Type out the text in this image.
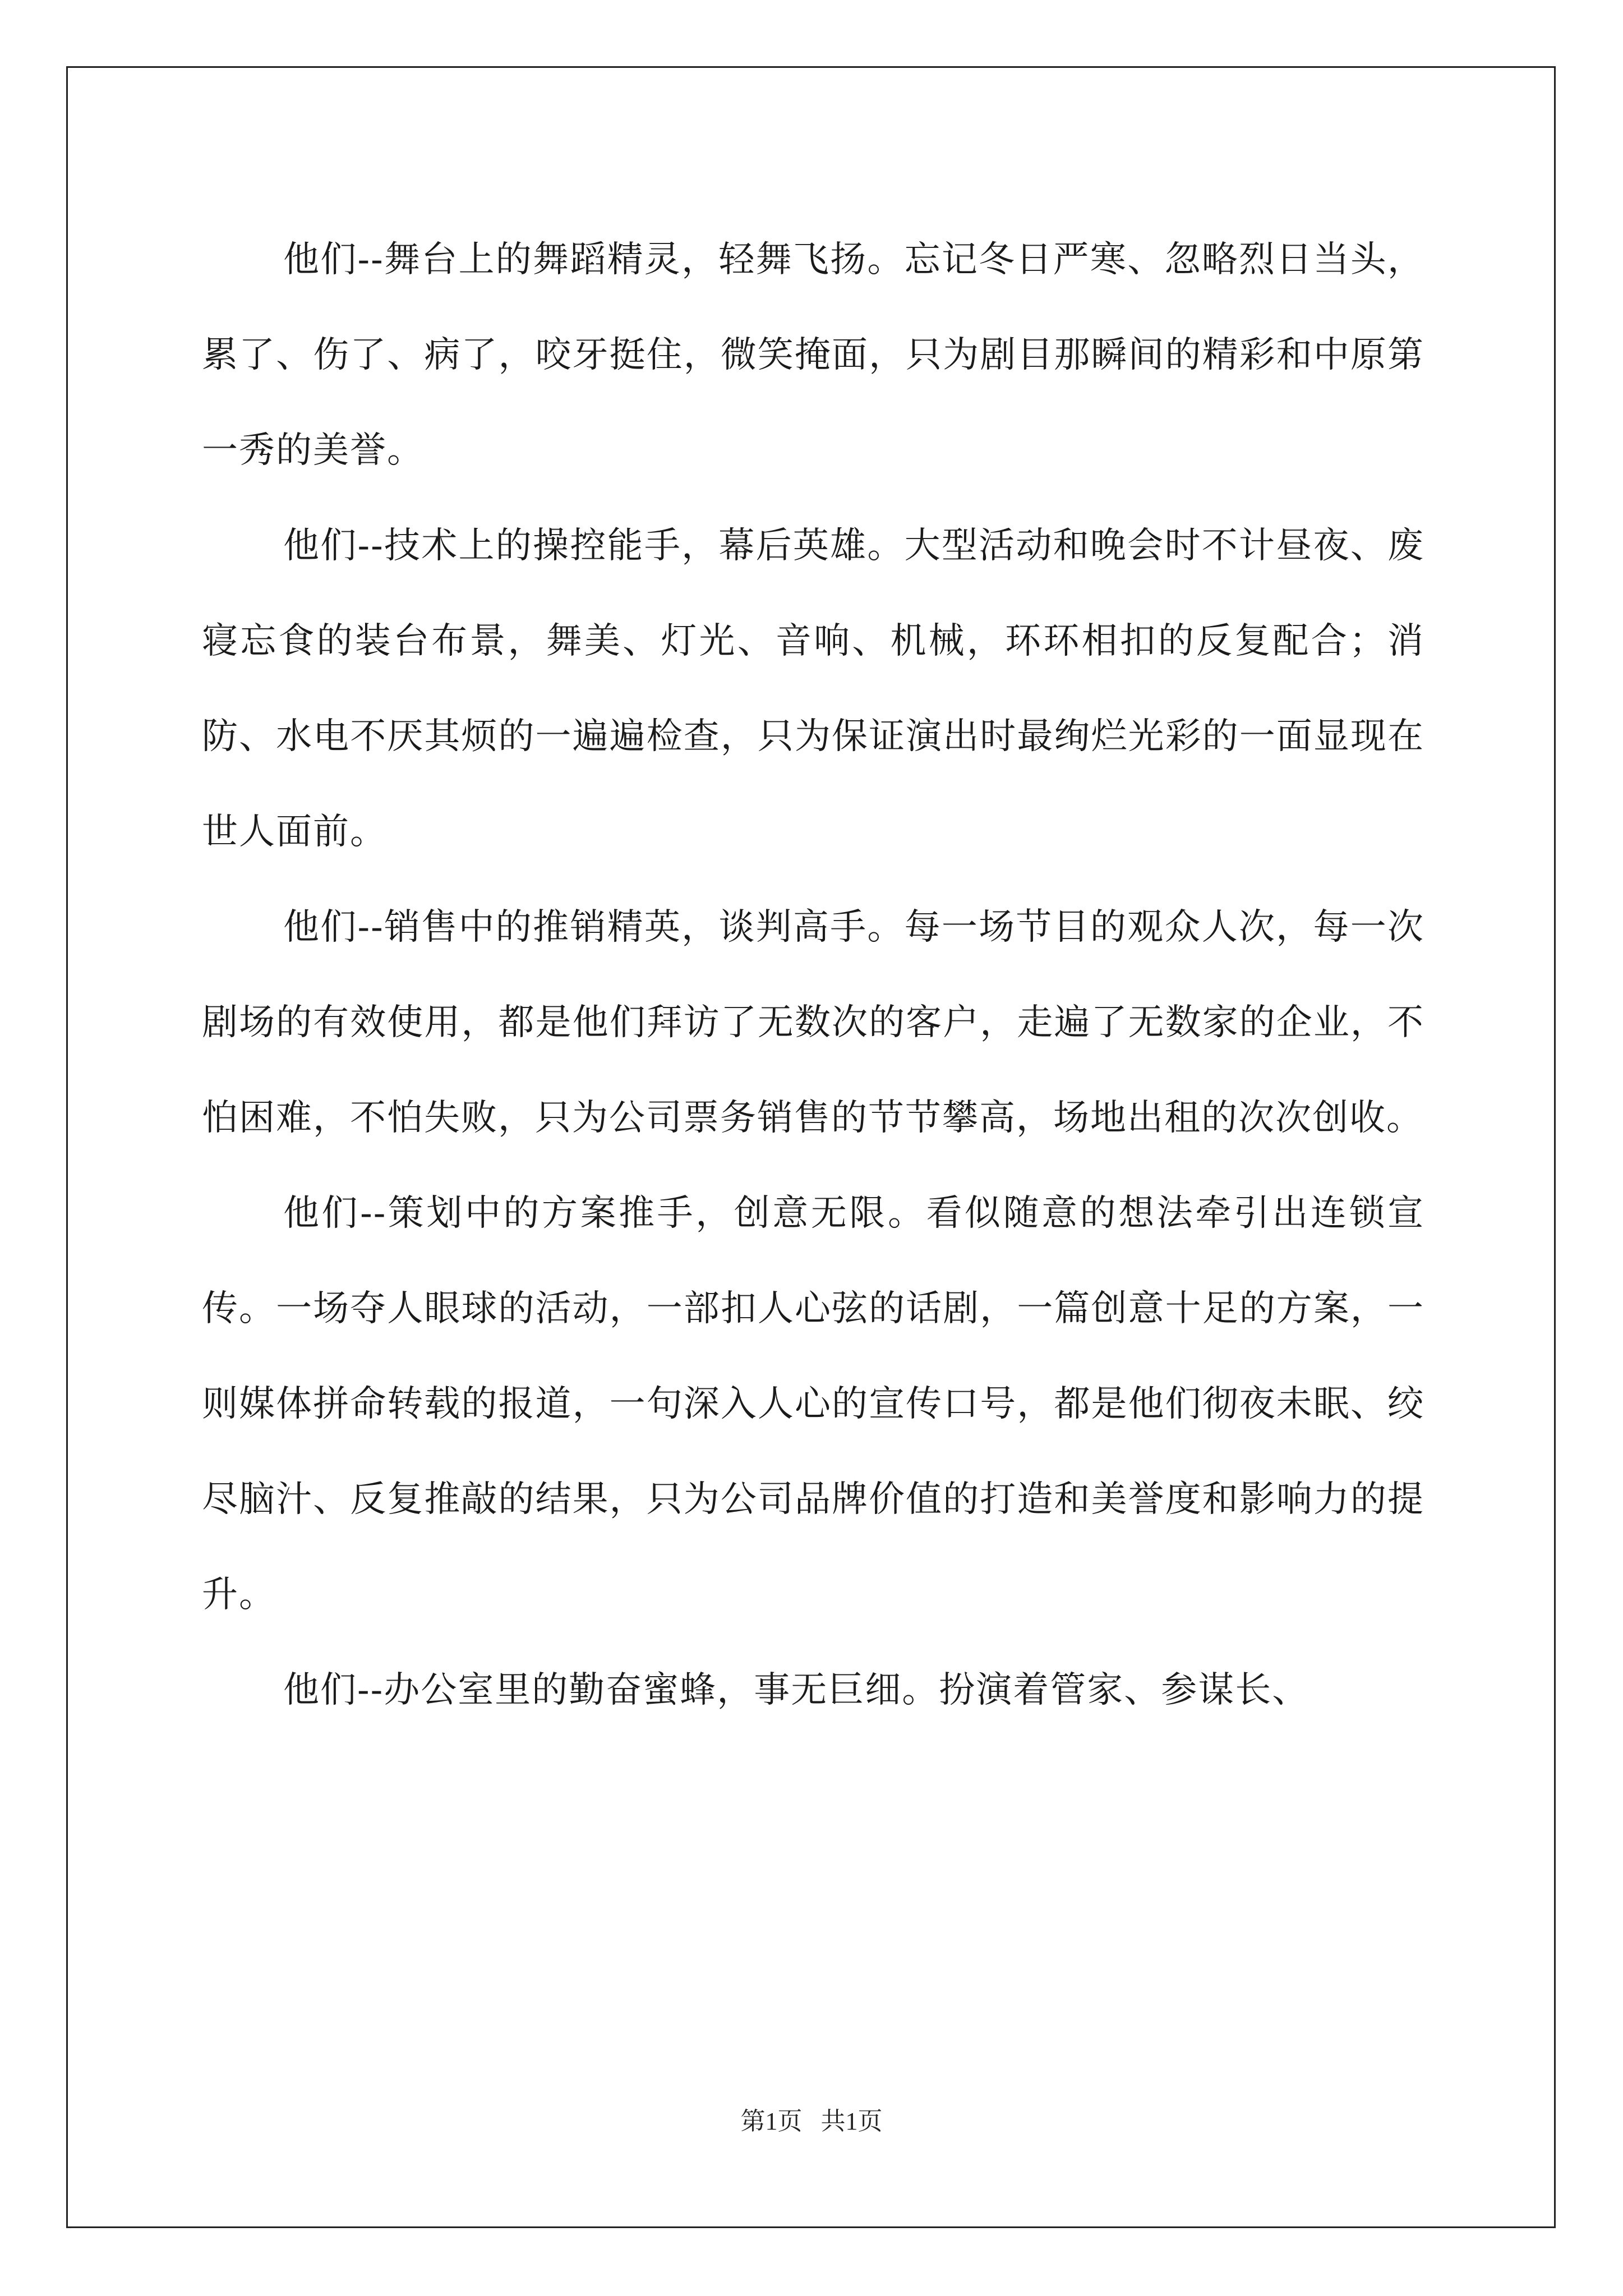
他们--舞台上的舞蹈精灵，轻舞飞扬。忘记冬日严寒、忽略烈日当头，累了、伤了、病了，咬牙挺住，微笑掩面，只为剧目那瞬间的精彩和中原第一秀的美誉。

他们--技术上的操控能手，幕后英雄。大型活动和晚会时不计昼夜、废寝忘食的装台布景，舞美、灯光、音响、机械，环环相扣的反复配合；消防、水电不厌其烦的一遍遍检查，只为保证演出时最绚烂光彩的一面显现在世人面前。

他们--销售中的推销精英，谈判高手。每一场节目的观众人次，每一次剧场的有效使用，都是他们拜访了无数次的客户，走遍了无数家的企业，不怕困难，不怕失败，只为公司票务销售的节节攀高，场地出租的次次创收。

他们--策划中的方案推手，创意无限。看似随意的想法牵引出连锁宣传。一场夺人眼球的活动，一部扣人心弦的话剧，一篇创意十足的方案，一则媒体拼命转载的报道，一句深入人心的宣传口号，都是他们彻夜未眠、绞尽脑汁、反复推敲的结果，只为公司品牌价值的打造和美誉度和影响力的提升。

他们--办公室里的勤奋蜜蜂，事无巨细。扮演着管家、参谋长、

第1页 共1页
